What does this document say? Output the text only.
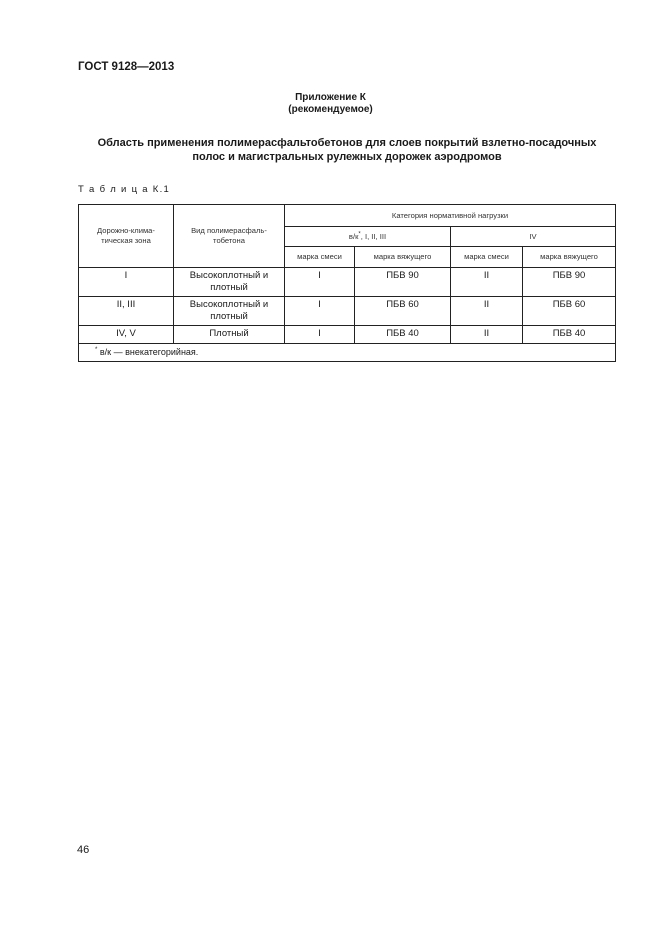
ГОСТ 9128—2013
Приложение К
(рекомендуемое)
Область применения полимерасфальтобетонов для слоев покрытий взлетно-посадочных полос и магистральных рулежных дорожек аэродромов
Т а б л и ц а К.1
Дорожно-клима-тическая зона	Вид полимерасфаль-тобетона	Категория нормативной нагрузки			
		в/к*, I, II, III		IV	
		марка смеси	марка вяжущего	марка смеси	марка вяжущего
I	Высокоплотный и плотный	I	ПБВ 90	II	ПБВ 90
II, III	Высокоплотный и плотный	I	ПБВ 60	II	ПБВ 60
IV, V	Плотный	I	ПБВ 40	II	ПБВ 40
* в/к — внекатегорийная.					
46
